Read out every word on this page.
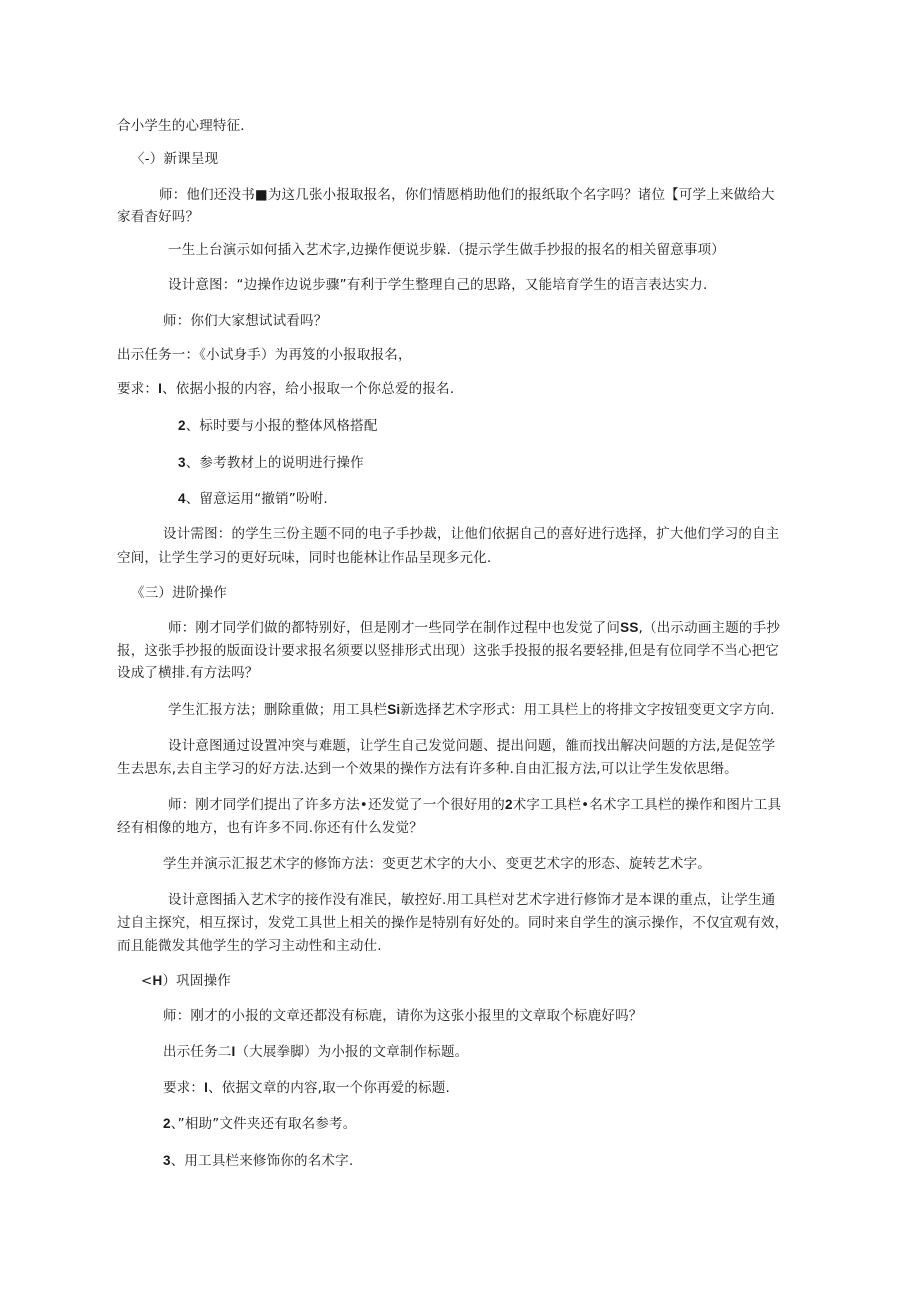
合小学生的心理特征.
〈-）新课呈现
师：他们还没书■为这几张小报取报名，你们情愿梢助他们的报纸取个名字吗？诸位【可学上来做给大
家看杳好吗？
一生上台演示如何插入艺术字,边操作便说步躲.（提示学生做手抄报的报名的相关留意事项）
设计意图：“边操作边说步骤”有利于学生整理自己的思路，又能培育学生的语言表达实力.
师：你们大家想试试看吗？
出示任务一：《小试身手）为再笈的小报取报名，
要求：I、依据小报的内容，给小报取一个你总爱的报名.
2、标时要与小报的整体风格搭配
3、参考教材上的说明进行操作
4、留意运用“撤销”吩咐.
设计需图：的学生三份主题不同的电子手抄裁，让他们依据自己的喜好进行选择，扩大他们学习的自主
空间，让学生学习的更好玩味，同时也能林让作品呈现多元化.
《三）进阶操作
师：刚才同学们做的都特别好，但是刚才一些同学在制作过程中也发觉了问SS,（出示动画主题的手抄
报，这张手抄报的版面设计要求报名须要以竖排形式出现）这张手投报的报名要轻排,但是有位同学不当心把它
设成了横排.有方法吗？
学生汇报方法；删除重做；用工具栏Si新选择艺术字形式：用工具栏上的将排文字按钮变更文字方向.
设计意图通过设置冲突与难题，让学生自己发觉问题、提出问题，雒而找出解决问题的方法,是促笠学
生去思东,去自主学习的好方法.达到一个效果的操作方法有许多种.自由汇报方法,可以让学生发依思缗。
师：刚才同学们提出了许多方法•还发觉了一个很好用的2术字工具栏•名术字工具栏的操作和图片工具
经有相像的地方，也有许多不同.你还有什么发觉？
学生并演示汇报艺术字的修饰方法：变更艺术字的大小、变更艺术字的形态、旋转艺术字。
设计意图插入艺术字的接作没有准民，敏控好.用工具栏对艺术字进行修饰才是本课的重点，让学生通
过自主探究，相互探讨，发党工具世上相关的操作是特别有好处的。同时来自学生的演示操作，不仅宜观有效，
而且能微发其他学生的学习主动性和主动仕.
<H）巩固操作
师：刚才的小报的文章还都没有标鹿，请你为这张小报里的文章取个标鹿好吗？
出示任务二I（大展拳脚）为小报的文章制作标题。
要求：I、依据文章的内容,取一个你再爱的标题.
2、”相助”文件夹还有取名参考。
3、用工具栏来修饰你的名术字.
